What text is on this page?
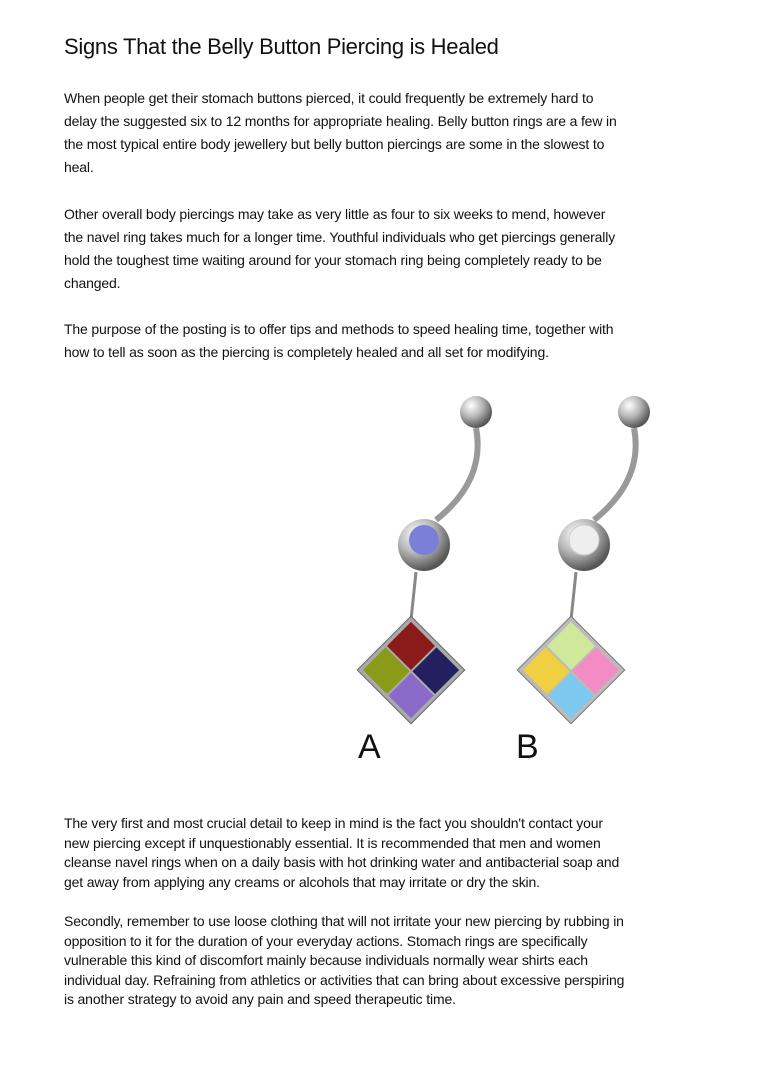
Signs That the Belly Button Piercing is Healed
When people get their stomach buttons pierced, it could frequently be extremely hard to
delay the suggested six to 12 months for appropriate healing. Belly button rings are a few in
the most typical entire body jewellery but belly button piercings are some in the slowest to
heal.
Other overall body piercings may take as very little as four to six weeks to mend, however
the navel ring takes much for a longer time. Youthful individuals who get piercings generally
hold the toughest time waiting around for your stomach ring being completely ready to be
changed.
The purpose of the posting is to offer tips and methods to speed healing time, together with
how to tell as soon as the piercing is completely healed and all set for modifying.
A	B
The very first and most crucial detail to keep in mind is the fact you shouldn't contact your
new piercing except if unquestionably essential. It is recommended that men and women
cleanse navel rings when on a daily basis with hot drinking water and antibacterial soap and
get away from applying any creams or alcohols that may irritate or dry the skin.
Secondly, remember to use loose clothing that will not irritate your new piercing by rubbing in
opposition to it for the duration of your everyday actions. Stomach rings are specifically
vulnerable this kind of discomfort mainly because individuals normally wear shirts each
individual day. Refraining from athletics or activities that can bring about excessive perspiring
is another strategy to avoid any pain and speed therapeutic time.
